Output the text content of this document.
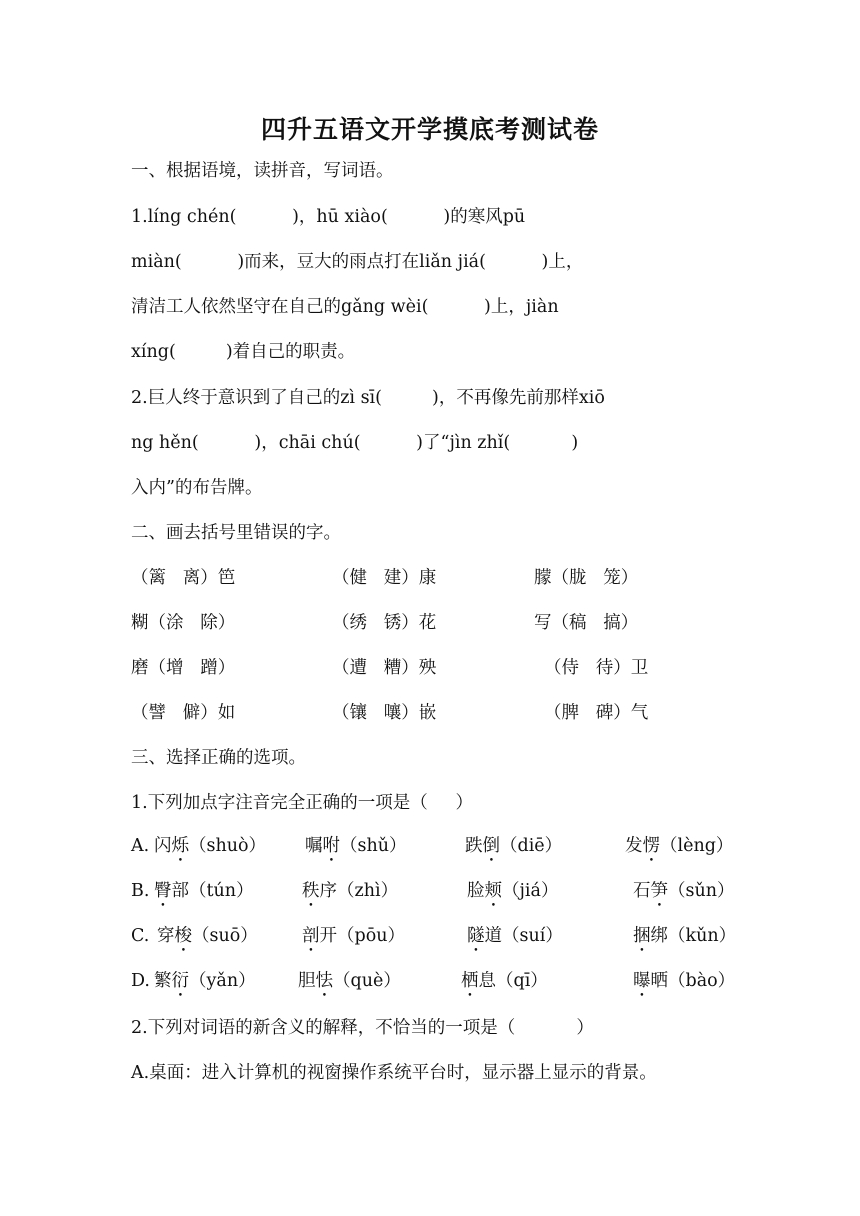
四升五语文开学摸底考测试卷
一、根据语境，读拼音，写词语。
1.líng chén(          )，hū xiào(          )的寒风pū
miàn(          )而来，豆大的雨点打在liǎn jiá(          )上，
清洁工人依然坚守在自己的gǎng wèi(          )上，jiàn
xíng(         )着自己的职责。
2.巨人终于意识到了自己的zì sī(         )，不再像先前那样xiō
ng hěn(          )，chāi chú(          )了“jìn zhǐ(           )
入内”的布告牌。
二、画去括号里错误的字。
（篱   离）笆	（健   建）康	朦（胧   笼）
糊（涂   除）	（绣   锈）花	写（稿   搞）
磨（增   蹭）	（遭   糟）殃	（侍   待）卫
（譬   僻）如	（镶   嚷）嵌	（脾   碑）气
三、选择正确的选项。
1.下列加点字注音完全正确的一项是（     ）
A. 闪烁（shuò） 嘱咐（shǔ）	跌倒（diē）	发愣（lèng）
B. 臀部（tún）	秩序（zhì）	脸颊（jiá）	石笋（sǔn）
C. 穿梭（suō）	剖开（pōu）	隧道（suí）	捆绑（kǔn）
D. 繁衍（yǎn） 胆怯（què）	栖息（qī）	曝晒（bào）
2.下列对词语的新含义的解释，不恰当的一项是（           ）
A.桌面：进入计算机的视窗操作系统平台时，显示器上显示的背景。
